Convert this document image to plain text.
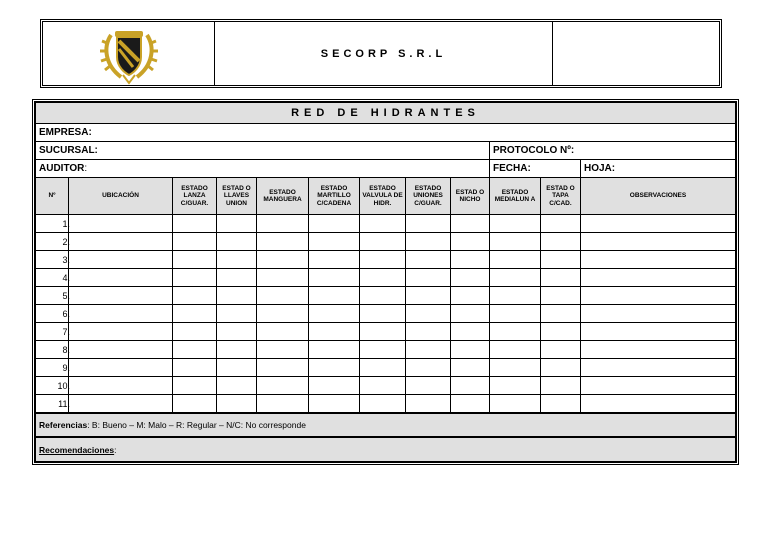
SECORP S.R.L
RED DE HIDRANTES											
EMPRESA:											
SUCURSAL:									PROTOCOLO Nº:		
AUDITOR:									FECHA:		HOJA:
Nº	UBICACIÓN	ESTADO LANZA C/GUAR.	ESTAD O LLAVES UNION	ESTADO MANGUERA	ESTADO MARTILLO C/CADENA	ESTADO VALVULA DE HIDR.	ESTADO UNIONES C/GUAR.	ESTAD O NICHO	ESTADO MEDIALUN A	ESTAD O TAPA C/CAD.	OBSERVACIONES
1.											
2.											
3.											
4.											
5.											
6.											
7.											
8.											
9.											
10.											
11.											
Referencias: B: Bueno – M: Malo – R: Regular – N/C: No corresponde											
Recomendaciones:											
